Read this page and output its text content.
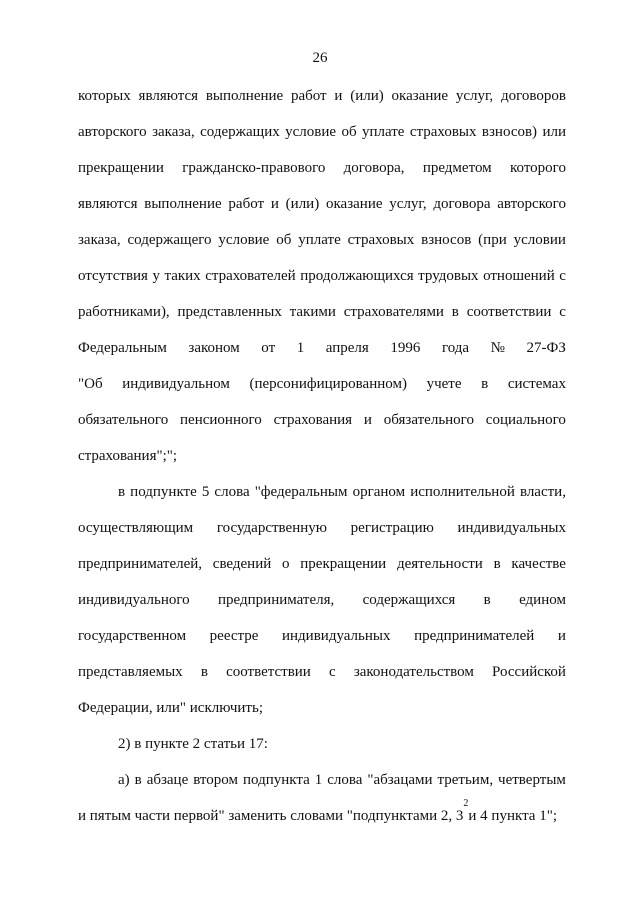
26
которых являются выполнение работ и (или) оказание услуг, договоров
авторского заказа, содержащих условие об уплате страховых взносов) или
прекращении гражданско-правового договора, предметом которого
являются выполнение работ и (или) оказание услуг, договора авторского
заказа, содержащего условие об уплате страховых взносов (при условии
отсутствия у таких страхователей продолжающихся трудовых отношений с
работниками), представленных такими страхователями в соответствии с
Федеральным законом от 1 апреля 1996 года № 27-ФЗ
"Об индивидуальном (персонифицированном) учете в системах
обязательного пенсионного страхования и обязательного социального
страхования";";
в подпункте 5 слова "федеральным органом исполнительной власти,
осуществляющим государственную регистрацию индивидуальных
предпринимателей, сведений о прекращении деятельности в качестве
индивидуального предпринимателя, содержащихся в едином
государственном реестре индивидуальных предпринимателей и
представляемых в соответствии с законодательством Российской
Федерации, или" исключить;
2) в пункте 2 статьи 17:
а) в абзаце втором подпункта 1 слова "абзацами третьим, четвертым
и пятым части первой" заменить словами "подпунктами 2, 3
2
и 4 пункта 1";
